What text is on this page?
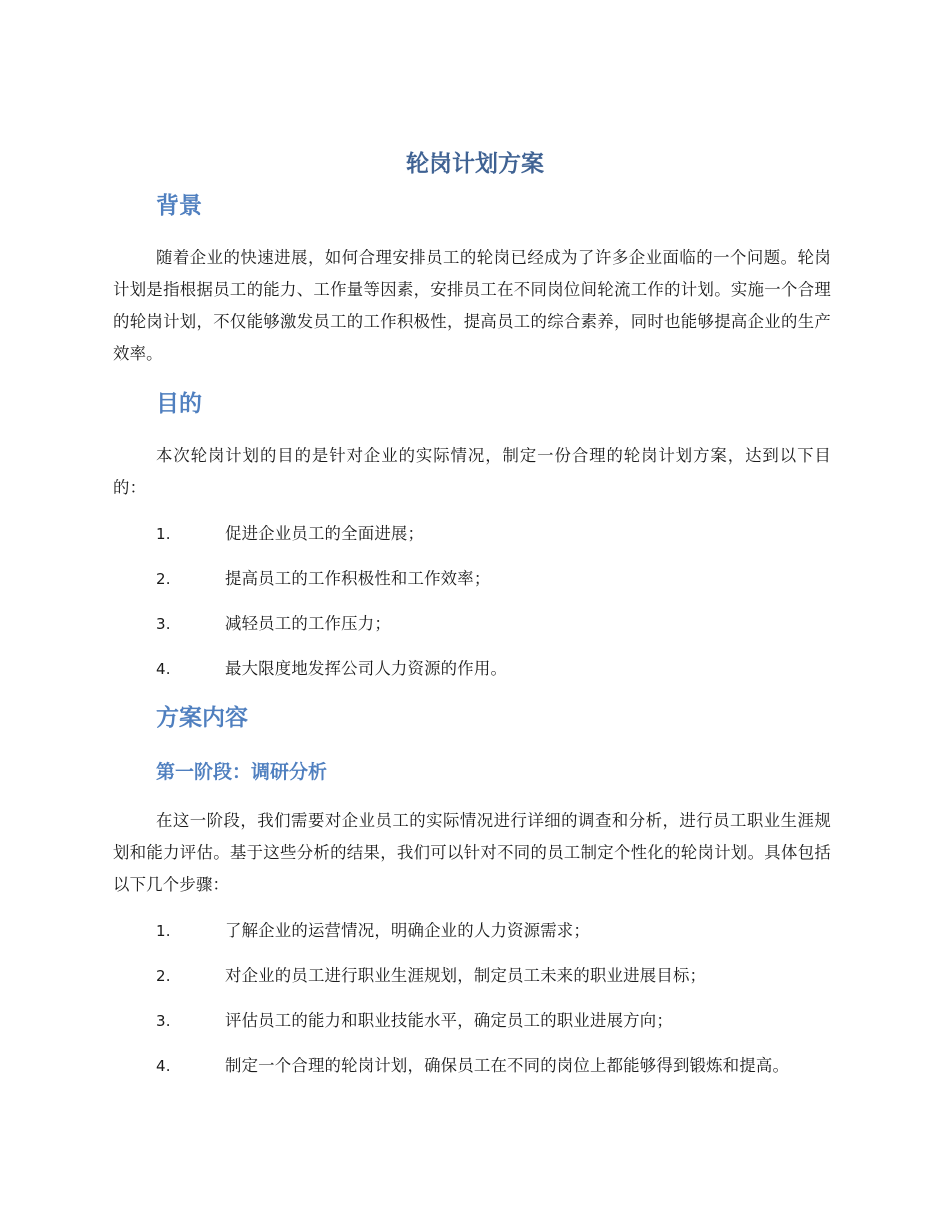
轮岗计划方案
背景

随着企业的快速进展，如何合理安排员工的轮岗已经成为了许多企业面临的一个问题。轮岗计划是指根据员工的能力、工作量等因素，安排员工在不同岗位间轮流工作的计划。实施一个合理的轮岗计划，不仅能够激发员工的工作积极性，提高员工的综合素养，同时也能够提高企业的生产效率。

目的

本次轮岗计划的目的是针对企业的实际情况，制定一份合理的轮岗计划方案，达到以下目的：

1.	促进企业员工的全面进展；
2.	提高员工的工作积极性和工作效率；
3.	减轻员工的工作压力；
4.	最大限度地发挥公司人力资源的作用。
方案内容
第一阶段：调研分析

在这一阶段，我们需要对企业员工的实际情况进行详细的调查和分析，进行员工职业生涯规划和能力评估。基于这些分析的结果，我们可以针对不同的员工制定个性化的轮岗计划。具体包括以下几个步骤：

1.	了解企业的运营情况，明确企业的人力资源需求；
2.	对企业的员工进行职业生涯规划，制定员工未来的职业进展目标；
3.	评估员工的能力和职业技能水平，确定员工的职业进展方向；
4.	制定一个合理的轮岗计划，确保员工在不同的岗位上都能够得到锻炼和提高。
